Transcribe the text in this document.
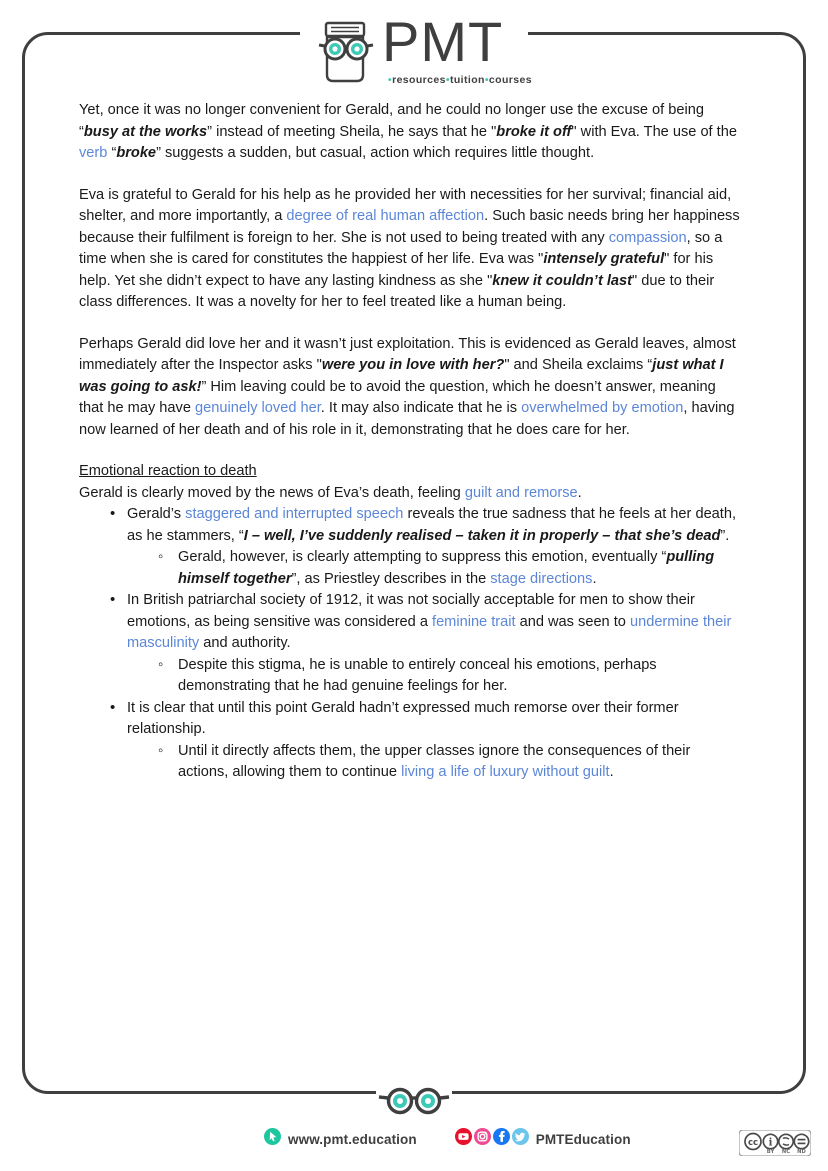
PMT
•resources•tuition•courses

Yet, once it was no longer convenient for Gerald, and he could no longer use the excuse of being “busy at the works” instead of meeting Sheila, he says that he "broke it off" with Eva. The use of the verb “broke” suggests a sudden, but casual, action which requires little thought.

Eva is grateful to Gerald for his help as he provided her with necessities for her survival; financial aid, shelter, and more importantly, a degree of real human affection. Such basic needs bring her happiness because their fulfilment is foreign to her. She is not used to being treated with any compassion, so a time when she is cared for constitutes the happiest of her life. Eva was "intensely grateful" for his help. Yet she didn’t expect to have any lasting kindness as she "knew it couldn’t last" due to their class differences. It was a novelty for her to feel treated like a human being.

Perhaps Gerald did love her and it wasn’t just exploitation. This is evidenced as Gerald leaves, almost immediately after the Inspector asks "were you in love with her?" and Sheila exclaims “just what I was going to ask!” Him leaving could be to avoid the question, which he doesn’t answer, meaning that he may have genuinely loved her. It may also indicate that he is overwhelmed by emotion, having now learned of her death and of his role in it, demonstrating that he does care for her.

Emotional reaction to death

Gerald is clearly moved by the news of Eva’s death, feeling guilt and remorse.

• Gerald’s staggered and interrupted speech reveals the true sadness that he feels at her death, as he stammers, “I – well, I’ve suddenly realised – taken it in properly – that she’s dead”.
◦ Gerald, however, is clearly attempting to suppress this emotion, eventually “pulling himself together”, as Priestley describes in the stage directions.
• In British patriarchal society of 1912, it was not socially acceptable for men to show their emotions, as being sensitive was considered a feminine trait and was seen to undermine their masculinity and authority.
◦ Despite this stigma, he is unable to entirely conceal his emotions, perhaps demonstrating that he had genuine feelings for her.
• It is clear that until this point Gerald hadn’t expressed much remorse over their former relationship.
◦ Until it directly affects them, the upper classes ignore the consequences of their actions, allowing them to continue living a life of luxury without guilt.
www.pmt.education	PMTEducation	cc i
BY NC ND
